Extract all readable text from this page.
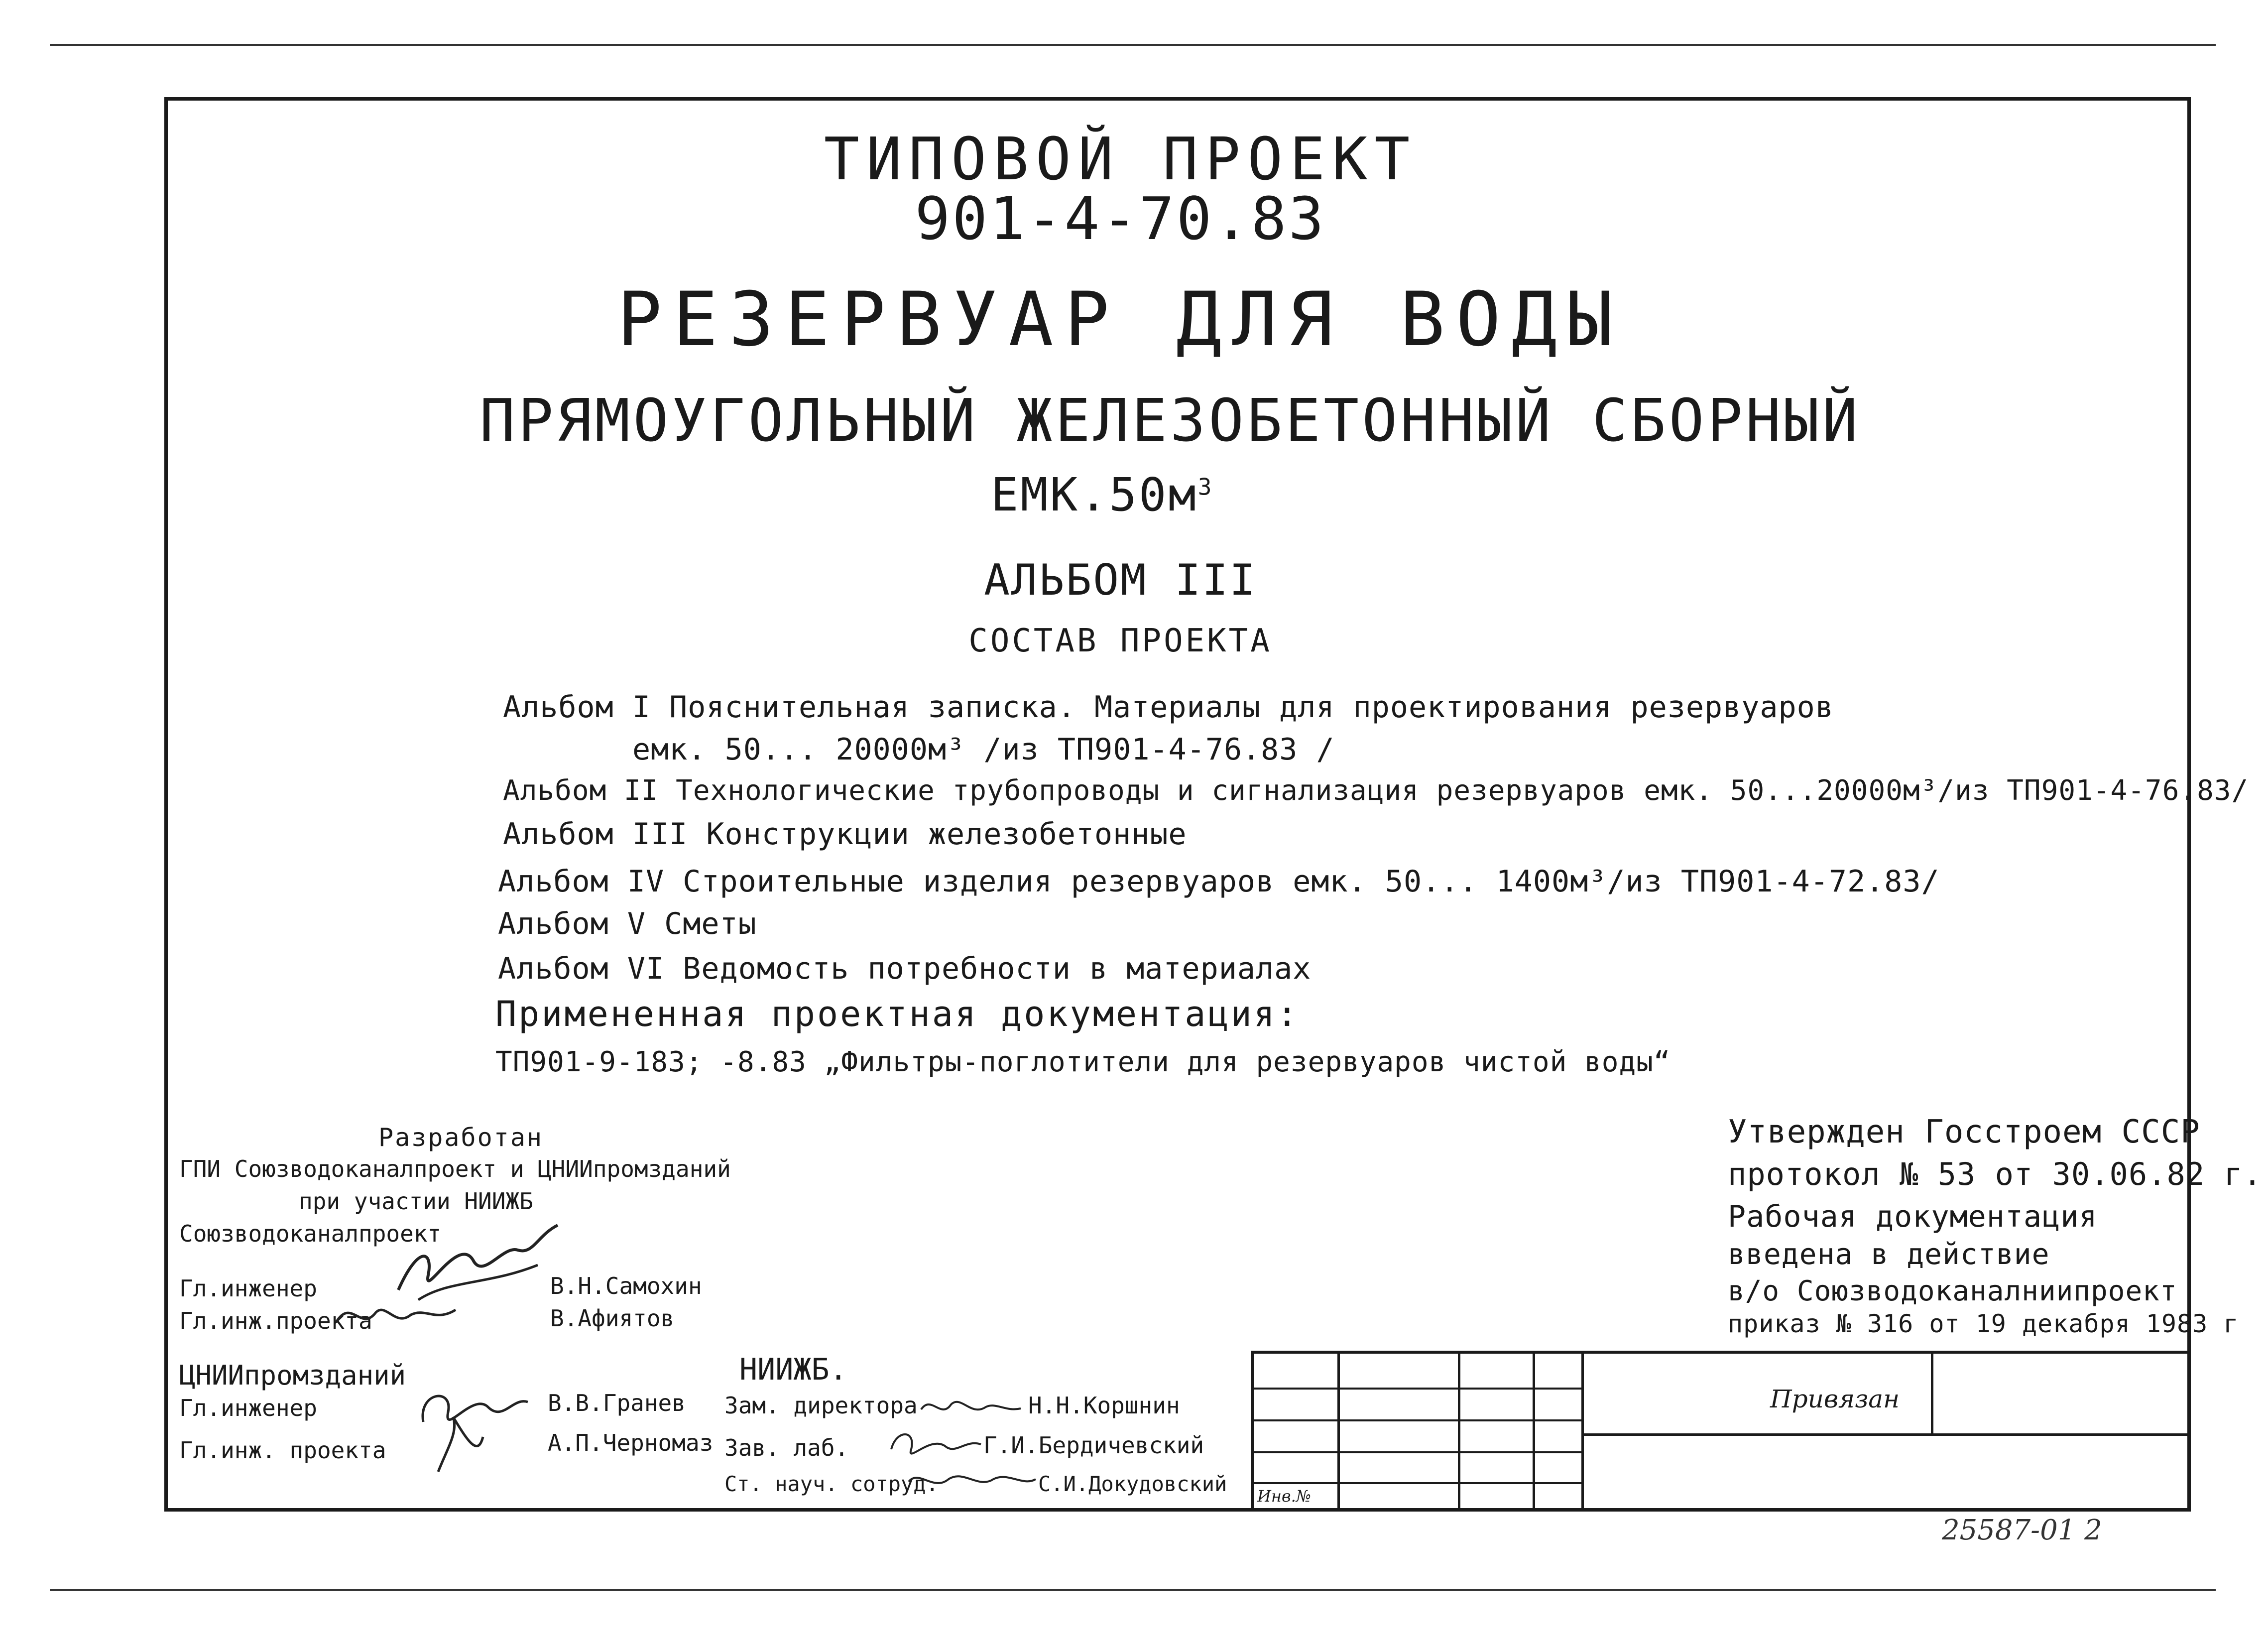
ТИПОВОЙ ПРОЕКТ
901-4-70.83
РЕЗЕРВУАР ДЛЯ ВОДЫ
ПРЯМОУГОЛЬНЫЙ ЖЕЛЕЗОБЕТОННЫЙ СБОРНЫЙ
$ЕМК.50м^3$
АЛЬБОМ III
СОСТАВ ПРОЕКТА
Альбом I Пояснительная записка. Материалы для проектирования резервуаров
емк. 50... 20000м³ /из ТП901-4-76.83 /
Альбом II Технологические трубопроводы и сигнализация резервуаров емк. 50...20000м³/из ТП901-4-76.83/
Альбом III Конструкции железобетонные
Альбом IV Строительные изделия резервуаров емк. 50... 1400м³/из ТП901-4-72.83/
Альбом V Сметы
Альбом VI Ведомость потребности в материалах
Примененная проектная документация:
ТП901-9-183; -8.83 „Фильтры-поглотители для резервуаров чистой воды“
Разработан
ГПИ Союзводоканалпроект и ЦНИИпромзданий
при участии НИИЖБ
Союзводоканалпроект
Гл.инженер	В.Н.Самохин
Гл.инж.проекта	В.Афиятов
ЦНИИпромзданий
Гл.инженер	В.В.Гранев
Гл.инж. проекта	А.П.Черномаз
НИИЖБ.
Зам. директора	Н.Н.Коршнин
Зав. лаб.	Г.И.Бердичевский
Ст. науч. сотруд.	С.И.Докудовский
Утвержден Госстроем СССР
протокол № 53 от 30.06.82 г.
Рабочая документация
введена в действие
в/о Союзводоканалниипроект
приказ № 316 от 19 декабря 1983 г
Привязан
Инв.№
25587-01 2
